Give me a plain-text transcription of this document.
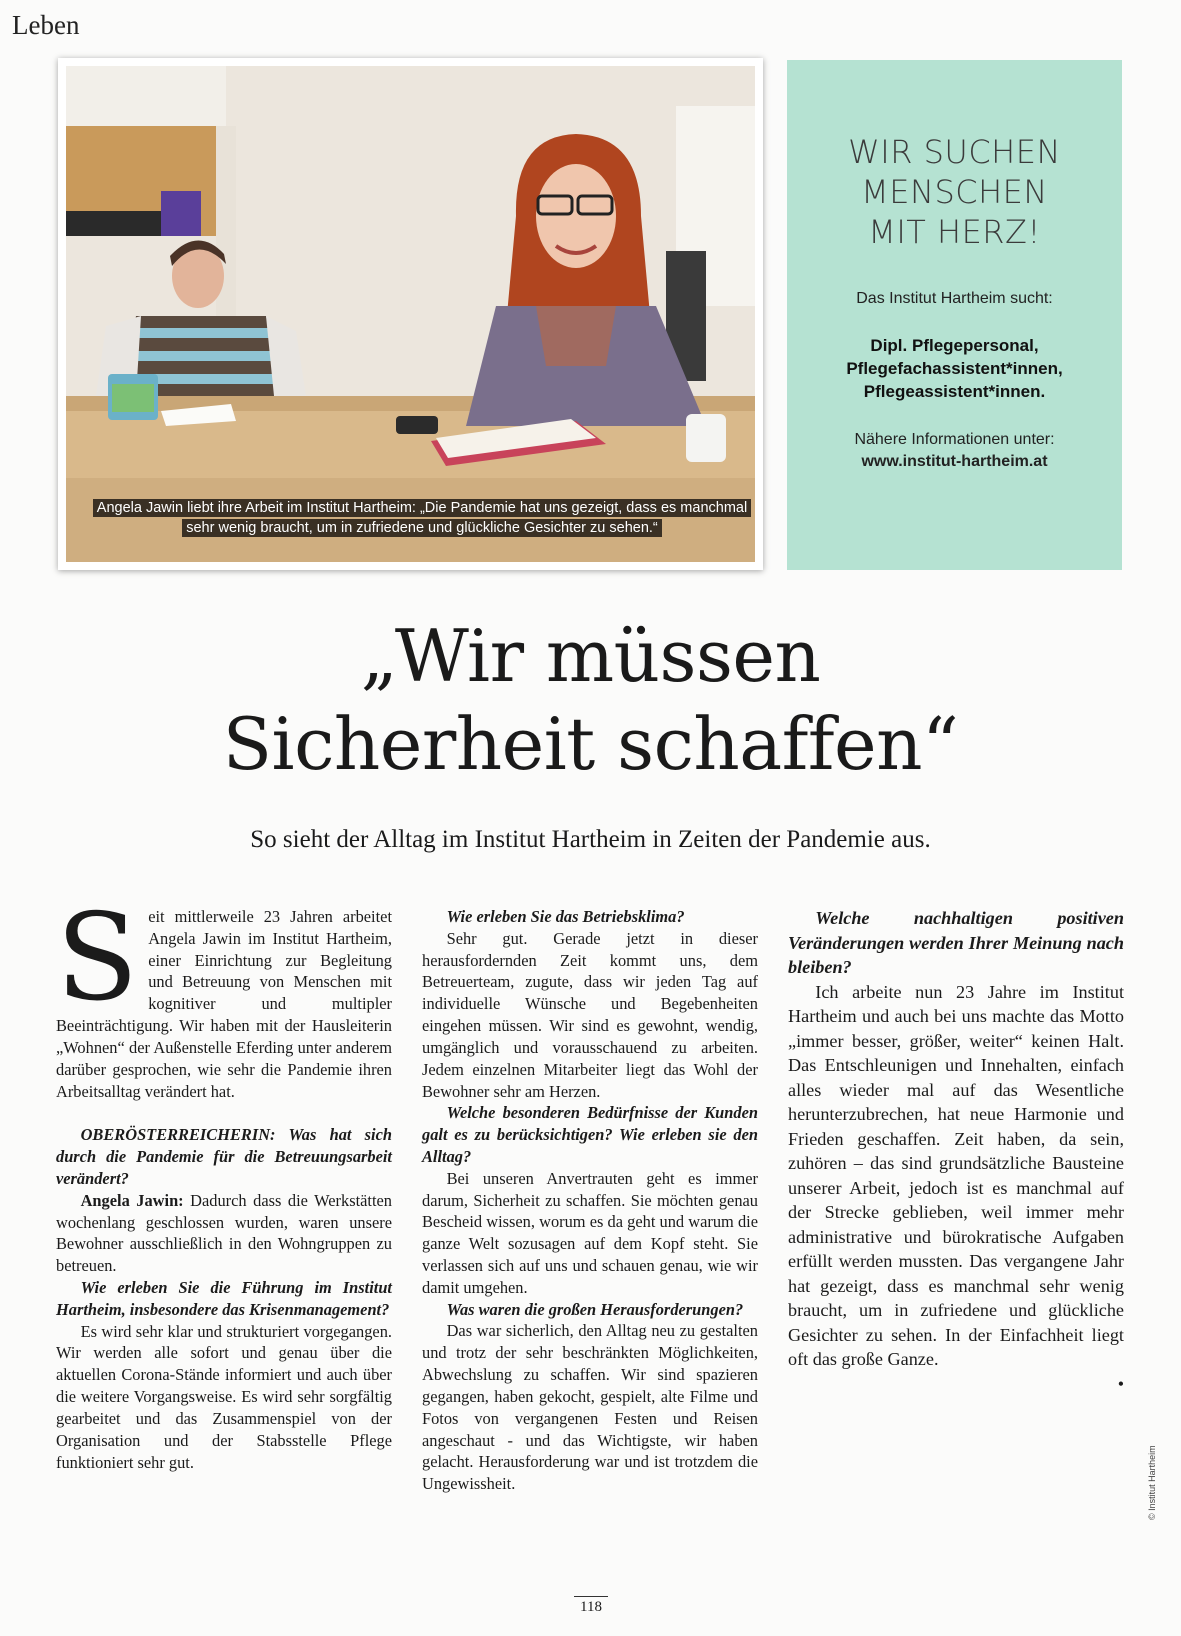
Leben
Angela Jawin liebt ihre Arbeit im Institut Hartheim: „Die Pandemie hat uns gezeigt, dass es manchmal sehr wenig braucht, um in zufriedene und glückliche Gesichter zu sehen.“
WIR SUCHEN
MENSCHEN
MIT HERZ!
Das Institut Hartheim sucht:
Dipl. Pflegepersonal,
Pflegefachassistent*innen,
Pflegeassistent*innen.
Nähere Informationen unter:
www.institut-hartheim.at
„Wir müssen
Sicherheit schaffen“
So sieht der Alltag im Institut Hartheim in Zeiten der Pandemie aus.

Seit mittlerweile 23 Jahren arbeitet Angela Jawin im Institut Hartheim, einer Einrichtung zur Begleitung und Betreuung von Menschen mit kognitiver und multipler Beeinträchtigung. Wir haben mit der Hausleiterin „Wohnen“ der Außenstelle Eferding unter anderem darüber gesprochen, wie sehr die Pandemie ihren Arbeitsalltag verändert hat.

OBERÖSTERREICHERIN: Was hat sich durch die Pandemie für die Betreuungsarbeit verändert?

Angela Jawin: Dadurch dass die Werkstätten wochenlang geschlossen wurden, waren unsere Bewohner ausschließlich in den Wohngruppen zu betreuen.

Wie erleben Sie die Führung im Institut Hartheim, insbesondere das Krisenmanagement?

Es wird sehr klar und strukturiert vorgegangen. Wir werden alle sofort und genau über die aktuellen Corona-Stände informiert und auch über die weitere Vorgangsweise. Es wird sehr sorgfältig gearbeitet und das Zusammenspiel von der Organisation und der Stabsstelle Pflege funktioniert sehr gut.

Wie erleben Sie das Betriebsklima?

Sehr gut. Gerade jetzt in dieser herausfordernden Zeit kommt uns, dem Betreuerteam, zugute, dass wir jeden Tag auf individuelle Wünsche und Begebenheiten eingehen müssen. Wir sind es gewohnt, wendig, umgänglich und vorausschauend zu arbeiten. Jedem einzelnen Mitarbeiter liegt das Wohl der Bewohner sehr am Herzen.

Welche besonderen Bedürfnisse der Kunden galt es zu berücksichtigen? Wie erleben sie den Alltag?

Bei unseren Anvertrauten geht es immer darum, Sicherheit zu schaffen. Sie möchten genau Bescheid wissen, worum es da geht und warum die ganze Welt sozusagen auf dem Kopf steht. Sie verlassen sich auf uns und schauen genau, wie wir damit umgehen.

Was waren die großen Herausforderungen?

Das war sicherlich, den Alltag neu zu gestalten und trotz der sehr beschränkten Möglichkeiten, Abwechslung zu schaffen. Wir sind spazieren gegangen, haben gekocht, gespielt, alte Filme und Fotos von vergangenen Festen und Reisen angeschaut - und das Wichtigste, wir haben gelacht. Herausforderung war und ist trotzdem die Ungewissheit.

Welche nachhaltigen positiven Veränderungen werden Ihrer Meinung nach bleiben?

Ich arbeite nun 23 Jahre im Institut Hartheim und auch bei uns machte das Motto „immer besser, größer, weiter“ keinen Halt. Das Entschleunigen und Innehalten, einfach alles wieder mal auf das Wesentliche herunterzubrechen, hat neue Harmonie und Frieden geschaffen. Zeit haben, da sein, zuhören – das sind grundsätzliche Bausteine unserer Arbeit, jedoch ist es manchmal auf der Strecke geblieben, weil immer mehr administrative und bürokratische Aufgaben erfüllt werden mussten. Das vergangene Jahr hat gezeigt, dass es manchmal sehr wenig braucht, um in zufriedene und glückliche Gesichter zu sehen. In der Einfachheit liegt oft das große Ganze.

•
© Institut Hartheim
118
